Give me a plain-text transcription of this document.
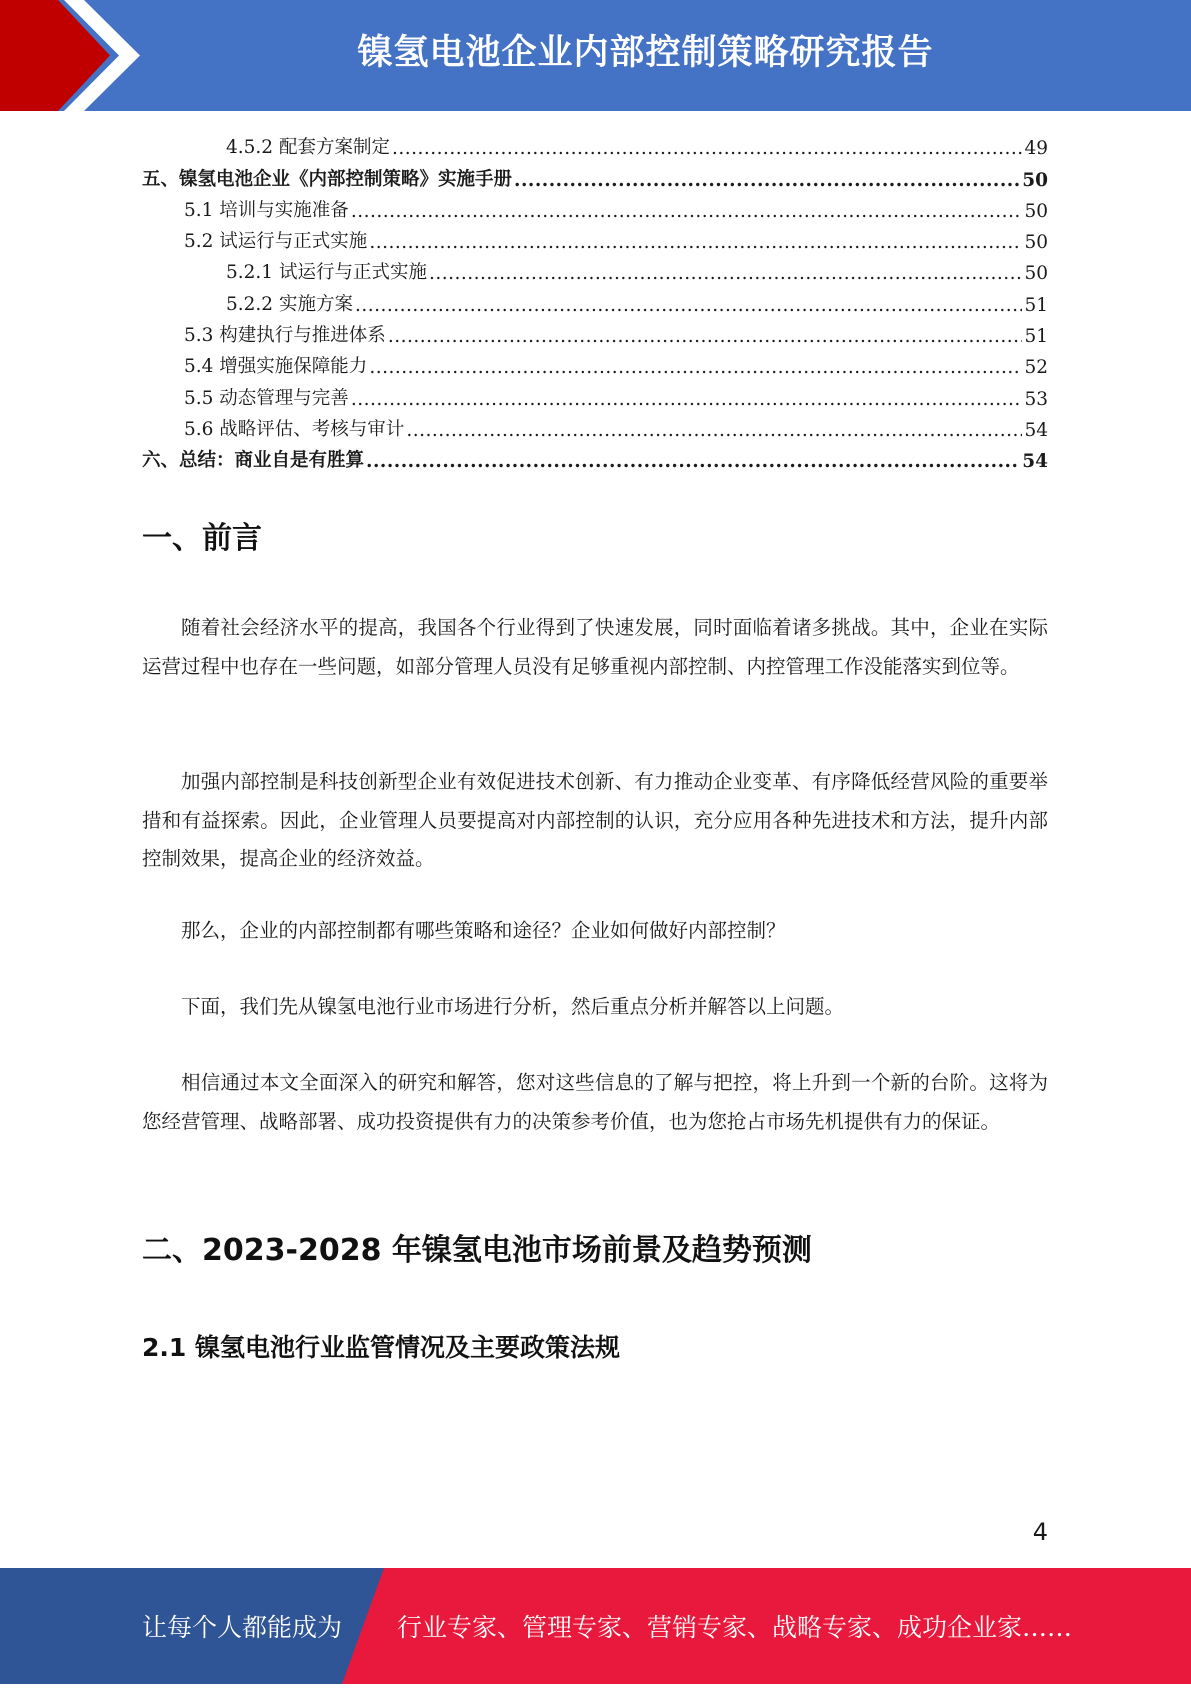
镍氢电池企业内部控制策略研究报告
4.5.2 配套方案制定 .....	49
五、镍氢电池企业《内部控制策略》实施手册 .....	50
5.1 培训与实施准备 .....	50
5.2 试运行与正式实施 .....	50
5.2.1 试运行与正式实施 .....	50
5.2.2 实施方案 .....	51
5.3 构建执行与推进体系 .....	51
5.4 增强实施保障能力 .....	52
5.5 动态管理与完善 .....	53
5.6 战略评估、考核与审计 .....	54
六、总结：商业自是有胜算 .....	54
一、前言

随着社会经济水平的提高，我国各个行业得到了快速发展，同时面临着诸多挑战。其中，企业在实际运营过程中也存在一些问题，如部分管理人员没有足够重视内部控制、内控管理工作没能落实到位等。

加强内部控制是科技创新型企业有效促进技术创新、有力推动企业变革、有序降低经营风险的重要举措和有益探索。因此，企业管理人员要提高对内部控制的认识，充分应用各种先进技术和方法，提升内部控制效果，提高企业的经济效益。

那么，企业的内部控制都有哪些策略和途径？企业如何做好内部控制？

下面，我们先从镍氢电池行业市场进行分析，然后重点分析并解答以上问题。

相信通过本文全面深入的研究和解答，您对这些信息的了解与把控，将上升到一个新的台阶。这将为您经营管理、战略部署、成功投资提供有力的决策参考价值，也为您抢占市场先机提供有力的保证。

二、2023-2028 年镍氢电池市场前景及趋势预测
2.1 镍氢电池行业监管情况及主要政策法规
4
让每个人都能成为 行业专家、管理专家、营销专家、战略专家、成功企业家……
